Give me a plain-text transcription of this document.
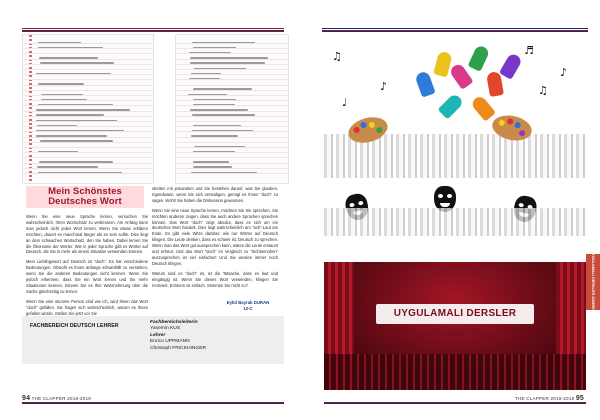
Mein Schönstes Deutsches Wort

Wenn Sie eine neue Sprache lernen, versuchen Sie wahrscheinlich, Ihren Wortschatz zu verbessern. Am Anfang kann man jedoch nicht jedes Wort lernen. Wenn Sie etwas erklären möchten, dauert es manchmal länger als es sein sollte. Dies liegt an dem schwachen Wortschatz, den Sie haben. Dabei lernen Sie die Ökonomie der Wörter. Wie in jeder Sprache gibt es Wörter auf Deutsch, die Sie in mehr als einem Situation verwenden können.

Mein Lieblingswort auf Deutsch ist “doch”. Es hat verschiedene Bedeutungen. Obwohl es ihnen anfangs schwerfällt zu verstehen, wenn Sie die anderen Bedeutungen nicht kennen. Wenn Sie jedoch erkennen, dass Sie ein Wort lernen und Sie mehr Situationen kennen, können Sie es Ihre Wahrnehmung über die Sache gleichzeitig zu lernen.

Wenn Sie eine stumme Person sind wie ich, wird Ihnen das Wort “doch” gefallen. Sie fragen sich wahrscheinlich, warum es Ihnen gefallen würde. Stellen Sie jetzt vor Sie

streiten mit jemandem und Sie bestehen darauf, was Sie glauben. Irgendwann, wenn Sie sich verteidigen, genügt es Ihnen “doch” zu sagen. Wohl! Sie haben die Diskussion gewonnen.

Wenn Sie eine neue Sprache lernen, möchten Sie Sie sprechen. Sie möchten anderen zeigen, dass Sie auch andere Sprachen sprechen können. Das Wort “doch” zeigt absolut, dass es sich um ein deutsches Wort handelt. Dies liegt wahrscheinlich am “ach”-Laut am Ende. Es gibt viele Witze darüber, wie nur Wörter auf Deutsch klingen. Die Leute denken, dass es schwer ist, Deutsch zu sprechen. Wenn man das Wort gut aussprechen kann, wären die Leute erstaunt und erfreut. Und das Wort “doch” im Vergleich zu “Sichbemühen” auszusprechen ist viel einfacher! Und Sie werden immer noch Deutsch klingen.

Warum sind es “doch” ist, ist die Tatsache, dass es laut und eingängig ist. Wenn Sie dieses Wort verwenden, klingen Sie motiviert. Erinnern ist einfach. Stimmen Sie nicht zu?

Eylül Bayrak DURAN
12-C
FACHBEREICH DEUTSCH LEHRER
Fachbereichsleiterin
Yasemin KUS
Lehrer
Enrico UPPMANN
Christoph FRICKHINGER
94 THE CLAPPER 2018-2019
♫
♪
♬
♪
♫
♩
UYGULAMALI DERSLER ZÜMRESİ
UYGULAMALI DERSLER ZÜMRESİ
THE CLAPPER 2018-2019 95
